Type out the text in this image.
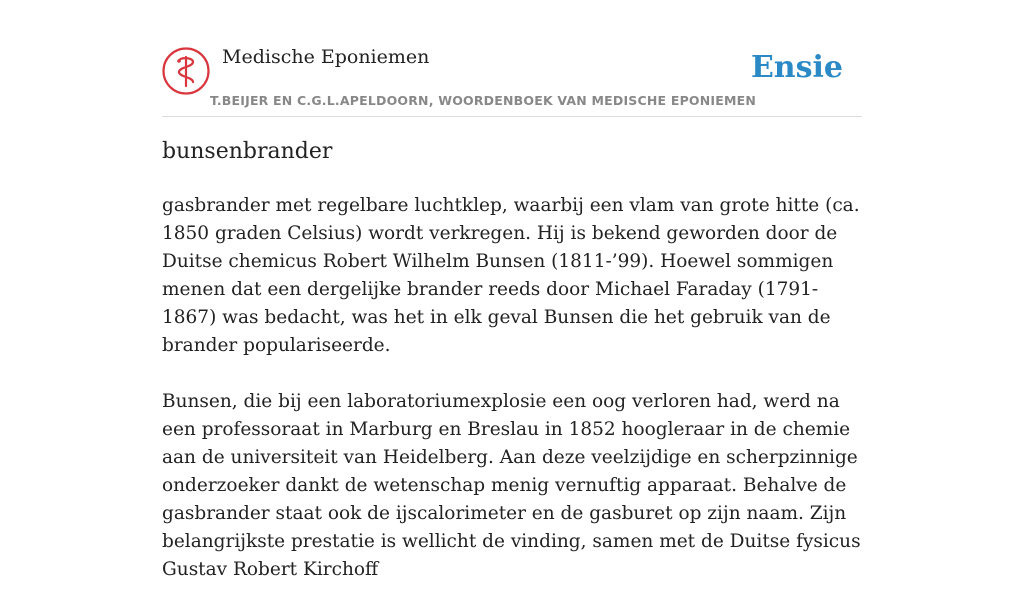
Medische Eponiemen
T.BEIJER EN C.G.L.APELDOORN, WOORDENBOEK VAN MEDISCHE EPONIEMEN
Ensie
bunsenbrander

gasbrander met regelbare luchtklep, waarbij een vlam van grote hitte (ca. 1850 graden Celsius) wordt verkregen. Hij is bekend geworden door de Duitse chemicus Robert Wilhelm Bunsen (1811-’99). Hoewel sommigen menen dat een dergelijke brander reeds door Michael Faraday (1791-1867) was bedacht, was het in elk geval Bunsen die het gebruik van de brander populariseerde.

Bunsen, die bij een laboratoriumexplosie een oog verloren had, werd na een professoraat in Marburg en Breslau in 1852 hoogleraar in de chemie aan de universiteit van Heidelberg. Aan deze veelzijdige en scherpzinnige onderzoeker dankt de wetenschap menig vernuftig apparaat. Behalve de gasbrander staat ook de ijscalorimeter en de gasburet op zijn naam. Zijn belangrijkste prestatie is wellicht de vinding, samen met de Duitse fysicus Gustav Robert Kirchoff
